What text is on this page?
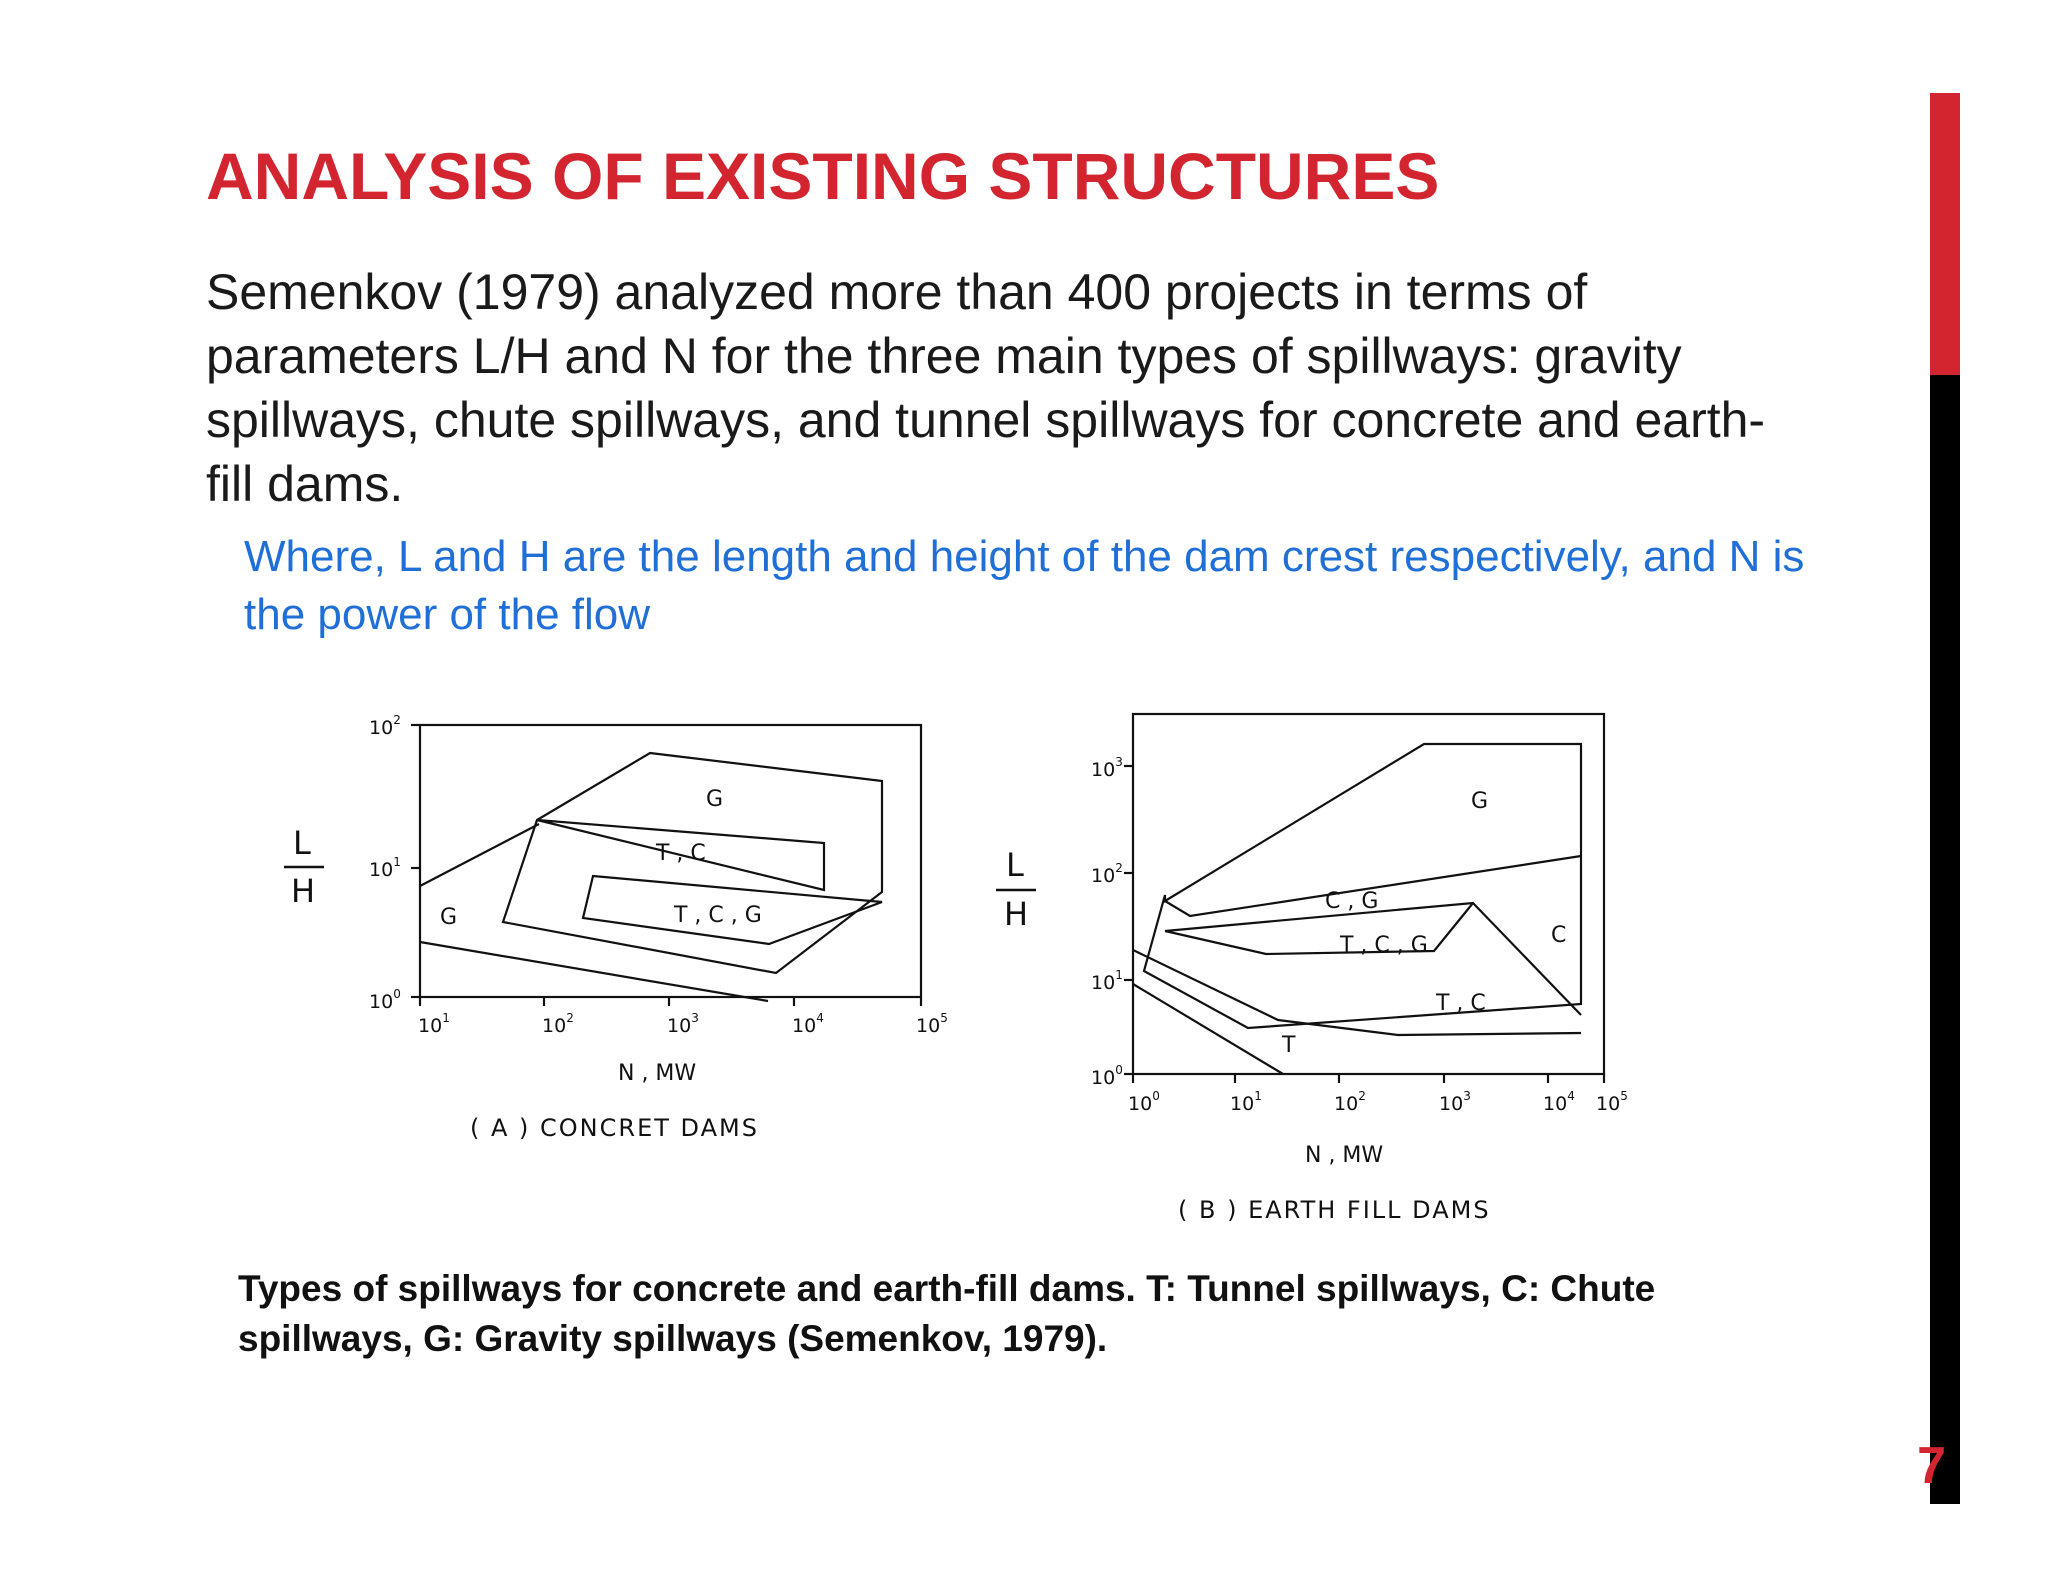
ANALYSIS OF EXISTING STRUCTURES

Semenkov (1979) analyzed more than 400 projects in terms of parameters L/H and N for the three main types of spillways: gravity spillways, chute spillways, and tunnel spillways for concrete and earth-fill dams.

Where, L and H are the length and height of the dam crest respectively, and N is the power of the flow

G
T , C
T , C , G
G
$10^2$
$10^1$
$10^0$
$10^1$	$10^2$	$10^3$	$10^4$	$10^5$
L
H
N , MW
( A ) CONCRET DAMS
G
C , G
T , C , G	C
T , C
T
$10^3$
$10^2$
$10^1$
$10^0$
$10^0$	$10^1$	$10^2$	$10^3$	$10^4$ $10^5$
L
H
N , MW
( B ) EARTH FILL DAMS

Types of spillways for concrete and earth-fill dams. T: Tunnel spillways, C: Chute spillways, G: Gravity spillways (Semenkov, 1979).

7
